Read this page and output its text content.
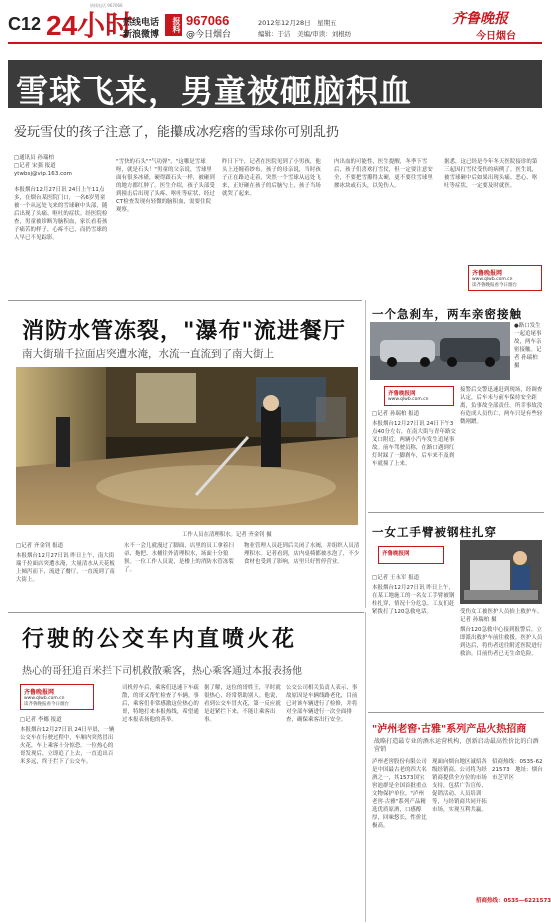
C12 24小时
热线电话 967066
热线电话
新浪微博
报料 967066
@今日烟台
2012年12月28日　星期五
编辑：于洁　美编/审读：刘根纺
齐鲁晚报
今日烟台
雪球飞来，男童被砸脑积血
爱玩雪仗的孩子注意了，能攥成冰疙瘩的雪球你可别乱扔
□通讯员 孙瑞柏
□记者 宋强 报道
ytwbsj@vip.163.com
本报烟台12月27日讯 24日上午11点多，在烟台某医院门口，一名6岁男童被一个从远处飞来的雪球砸中头部，随后出现了头痛、呕吐的症状。经医院检查，男童被诊断为脑积血，家长看着孩子痛苦的样子，心疼不已，而扔雪球的人早已不见踪影。
"雪快的石头""气功弹"，"这哪是雪球呀，就是石头！"男童的父亲说，雪球里面有很多冰碴，硬得跟石头一样，被砸到的地方都红肿了。医生介绍，孩子头部受到撞击后出现了头疼、呕吐等症状，经过CT检查发现有轻微的脑积血，需要住院观察。
昨日下午，记者在医院见到了小男孩，他头上还缠着纱布。孩子的母亲说，当时孩子正在路边走着，突然一个雪球从远处飞来，正好砸在孩子的后脑勺上，孩子当场就哭了起来。
内出血的可能性，医生提醒，冬季下雪后，孩子们喜欢打雪仗，但一定要注意安全，不要把雪攥得太硬，更不要往雪球里掺冰块或石头，以免伤人。
据悉，这已经是今年冬天医院接诊的第三起因打雪仗受伤的病例了。医生说，被雪球砸中后如果出现头痛、恶心、呕吐等症状，一定要及时就医。
齐鲁晚报网
www.qlwb.com.cn
读齐鲁晚报看今日烟台
消防水管冻裂，"瀑布"流进餐厅
南大街瑞千拉面店突遭水淹，水流一直流到了南大街上
工作人员在清理积水。记者 齐金钊 摄
□记者 齐金钊 报道
本报烟台12月27日讯 昨日上午，南大街瑞千拉面店突遭水淹，大量清水从天花板上倾泻而下，流进了餐厅，一直流到了南大街上。
水不一会儿就漫过了脚面，店里的员工拿着扫帚、拖把、水桶往外清理积水，场面十分狼狈。一位工作人员说，是楼上的消防水管冻裂了。
物业管理人员赶到后关闭了水阀，并组织人员清理积水。记者看到，店内桌椅都被水泡了，不少食材也受到了影响，店里只好暂停营业。
一个急刹车，两车亲密接触
●路口发生一起追尾事故，两车亲密接触。记者 孙瑞柏 摄
齐鲁晚报网
www.qlwb.com.cn
□记者 孙瑞柏 报道
本报烟台12月27日讯 24日下午3点40分左右，在南大街与青年路交叉口附近，两辆小汽车发生追尾事故。前车驾驶员称，在路口遇到红灯时踩了一脚刹车，后车来不及刹车就撞了上来。
接警后交警迅速赶到现场，经调查认定，后车未与前车保持安全距离，负事故全部责任。所幸事故没有造成人员伤亡，两车只是有些轻微剐蹭。
一女工手臂被钢柱扎穿
齐鲁晚报网
□记者 王永军 报道
本报烟台12月27日讯 昨日上午，在某工地施工的一名女工手臂被钢柱扎穿，情况十分危急。工友们赶紧拨打了120急救电话。	受伤女工被医护人员抬上救护车。记者 孙瑞柏 摄
烟台120急救中心接到报警后，立即派出救护车前往救援。医护人员到达后，将伤者送往附近医院进行救治。目前伤者已无生命危险。
行驶的公交车内直喷火花
热心的哥狂追百米拦下司机救散乘客，热心乘客通过本报表扬他
齐鲁晚报网
www.qlwb.com.cn
读齐鲁晚报看今日烟台
□记者 李娜 报道
本报烟台12月27日讯 24日早晨，一辆公交车在行驶过程中，车厢内突然冒出火花，车上乘客十分惊恐。一位热心的哥发现后，立即追了上去，一直追出百米多远，终于拦下了公交车。
司机停车后，乘客们迅速下车疏散，的哥又帮忙检查了车辆。事后，乘客们非常感激这位热心的哥，特地打来本报热线，希望通过本报表扬他的善举。
据了解，这位的哥姓王，平时就很热心，经常帮助别人。他说，看到公交车冒火花，第一反应就是赶紧拦下来，不能让乘客出事。
公交公司相关负责人表示，事故原因是车辆线路老化，目前已对该车辆进行了检修，并将对全部车辆进行一次全面排查，确保乘客出行安全。
"泸州老窖·古雅"系列产品火热招商
战略打造最专业的酒水运营机构，创新启动最高性价比的白酒营销
泸州老窖股份有限公司是中国最古老的四大名酒之一，其1573国宝窖池群是全国首批重点文物保护单位。"泸州老窖·古雅"系列产品精选优质原酒，口感醇厚，回味悠长，性价比极高。
现面向烟台地区诚招各级经销商。公司将为经销商提供全方位的市场支持，包括广告宣传、促销活动、人员培训等，与经销商共同开拓市场，实现互利共赢。
招商热线：0535-6221573　地址：烟台市芝罘区
招商热线：0535—6221573
